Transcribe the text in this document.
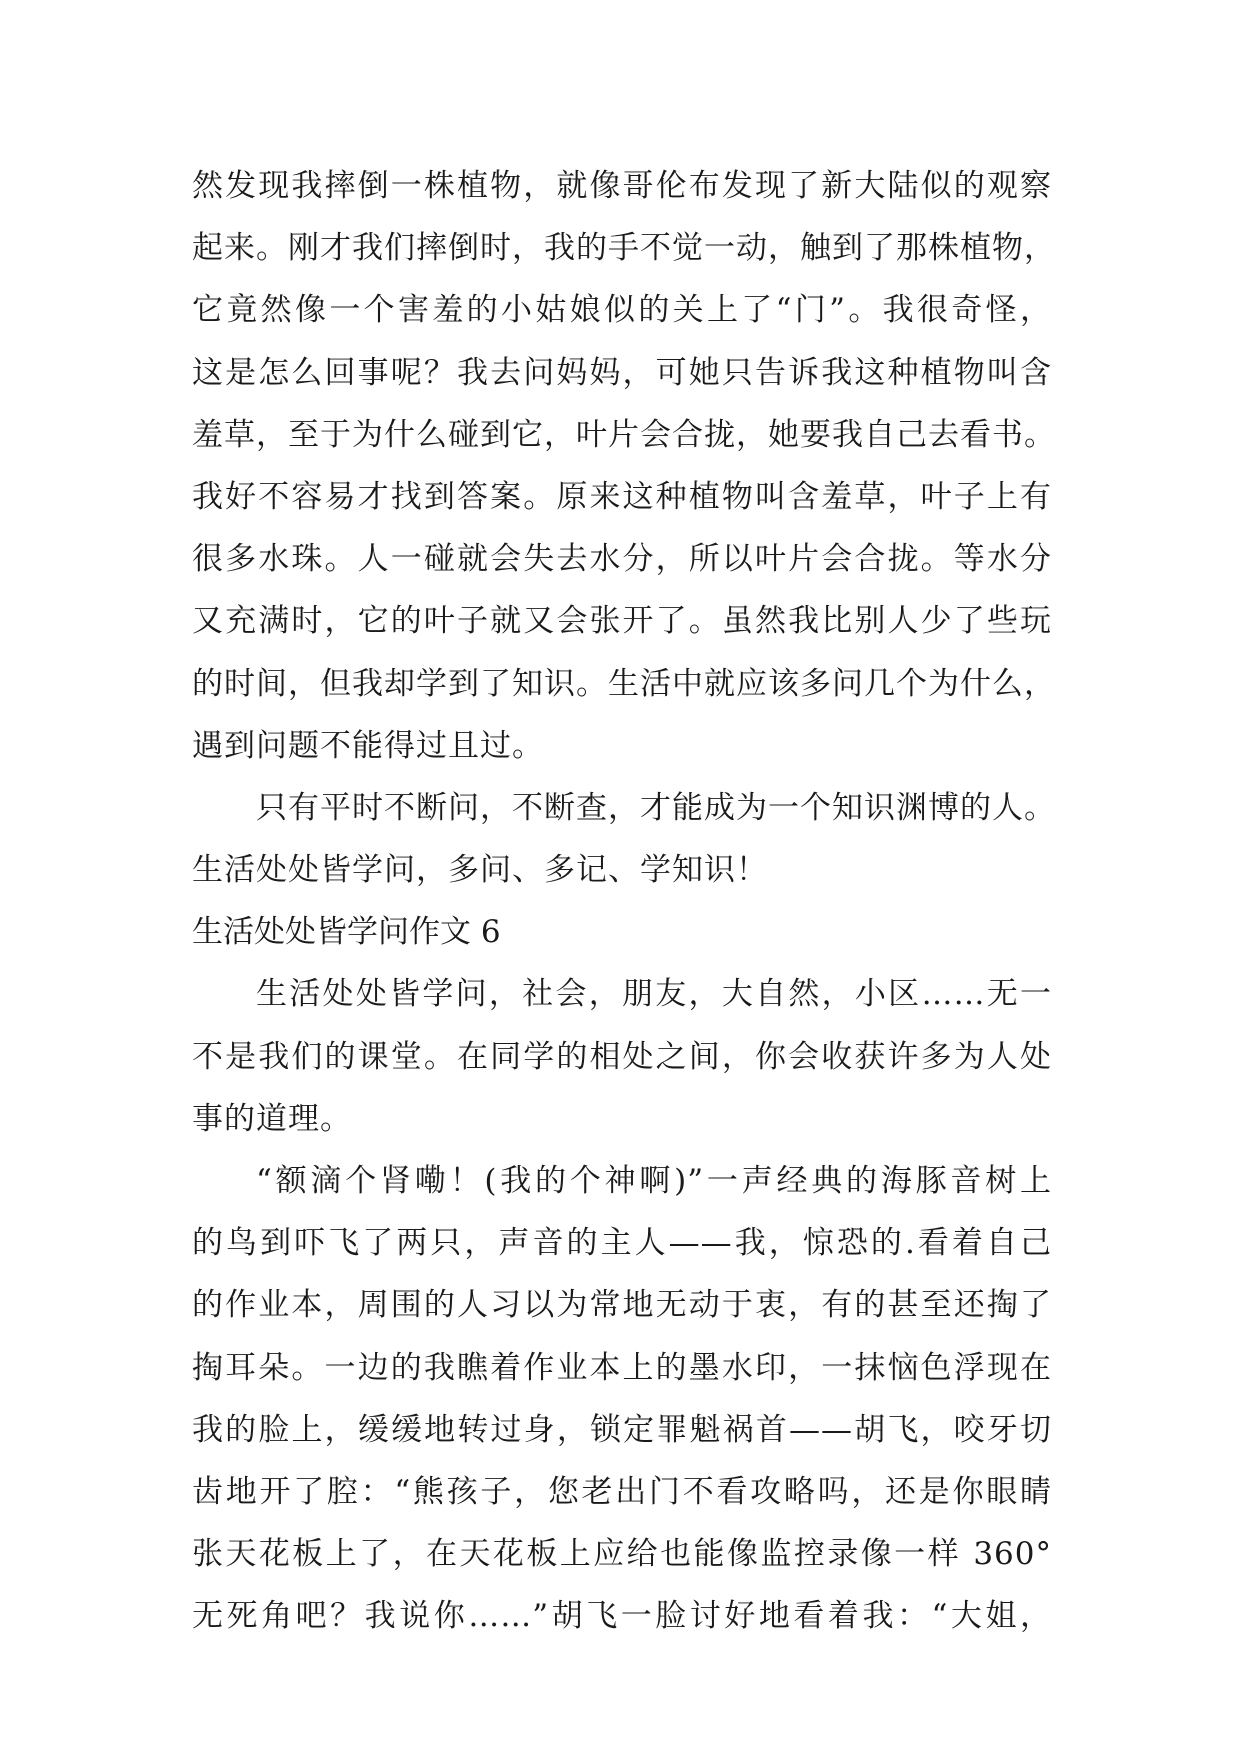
然发现我摔倒一株植物，就像哥伦布发现了新大陆似的观察
起来。刚才我们摔倒时，我的手不觉一动，触到了那株植物，
它竟然像一个害羞的小姑娘似的关上了“门”。我很奇怪，
这是怎么回事呢？我去问妈妈，可她只告诉我这种植物叫含
羞草，至于为什么碰到它，叶片会合拢，她要我自己去看书。
我好不容易才找到答案。原来这种植物叫含羞草，叶子上有
很多水珠。人一碰就会失去水分，所以叶片会合拢。等水分
又充满时，它的叶子就又会张开了。虽然我比别人少了些玩
的时间，但我却学到了知识。生活中就应该多问几个为什么，
遇到问题不能得过且过。
只有平时不断问，不断查，才能成为一个知识渊博的人。
生活处处皆学问，多问、多记、学知识！
生活处处皆学问作文 6
生活处处皆学问，社会，朋友，大自然，小区……无一
不是我们的课堂。在同学的相处之间，你会收获许多为人处
事的道理。
“额滴个肾嘞！(我的个神啊)”一声经典的海豚音树上
的鸟到吓飞了两只，声音的主人——我，惊恐的.看着自己
的作业本，周围的人习以为常地无动于衷，有的甚至还掏了
掏耳朵。一边的我瞧着作业本上的墨水印，一抹恼色浮现在
我的脸上，缓缓地转过身，锁定罪魁祸首——胡飞，咬牙切
齿地开了腔：“熊孩子，您老出门不看攻略吗，还是你眼睛
张天花板上了，在天花板上应给也能像监控录像一样 360°
无死角吧？我说你……”胡飞一脸讨好地看着我：“大姐，
